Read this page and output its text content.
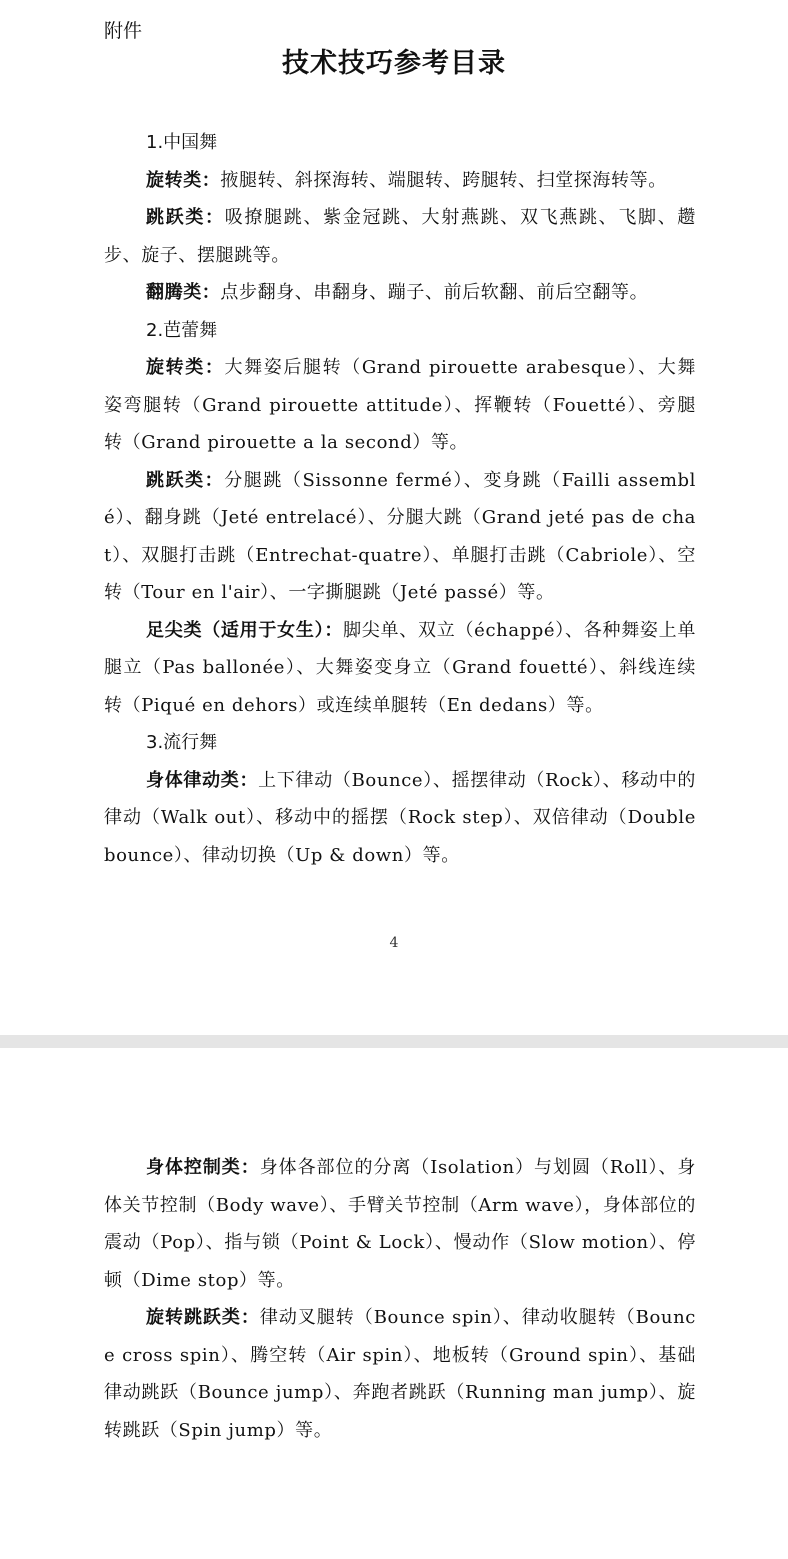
附件
技术技巧参考目录

1.中国舞

旋转类：掖腿转、斜探海转、端腿转、跨腿转、扫堂探海转等。

跳跃类：吸撩腿跳、紫金冠跳、大射燕跳、双飞燕跳、飞脚、趱步、旋子、摆腿跳等。

翻腾类：点步翻身、串翻身、蹦子、前后软翻、前后空翻等。

2.芭蕾舞

旋转类：大舞姿后腿转（Grand pirouette arabesque）、大舞姿弯腿转（Grand pirouette attitude）、挥鞭转（Fouetté）、旁腿转（Grand pirouette a la second）等。

跳跃类：分腿跳（Sissonne fermé）、变身跳（Failli assemblé）、翻身跳（Jeté entrelacé）、分腿大跳（Grand jeté pas de chat）、双腿打击跳（Entrechat-quatre）、单腿打击跳（Cabriole）、空转（Tour en l'air）、一字撕腿跳（Jeté passé）等。

足尖类（适用于女生）：脚尖单、双立（échappé）、各种舞姿上单腿立（Pas ballonée）、大舞姿变身立（Grand fouetté）、斜线连续转（Piqué en dehors）或连续单腿转（En dedans）等。

3.流行舞

身体律动类：上下律动（Bounce）、摇摆律动（Rock）、移动中的律动（Walk out）、移动中的摇摆（Rock step）、双倍律动（Double bounce）、律动切换（Up & down）等。

4

身体控制类：身体各部位的分离（Isolation）与划圆（Roll）、身体关节控制（Body wave）、手臂关节控制（Arm wave），身体部位的震动（Pop）、指与锁（Point & Lock）、慢动作（Slow motion）、停顿（Dime stop）等。

旋转跳跃类：律动叉腿转（Bounce spin）、律动收腿转（Bounce cross spin）、腾空转（Air spin）、地板转（Ground spin）、基础律动跳跃（Bounce jump）、奔跑者跳跃（Running man jump）、旋转跳跃（Spin jump）等。
